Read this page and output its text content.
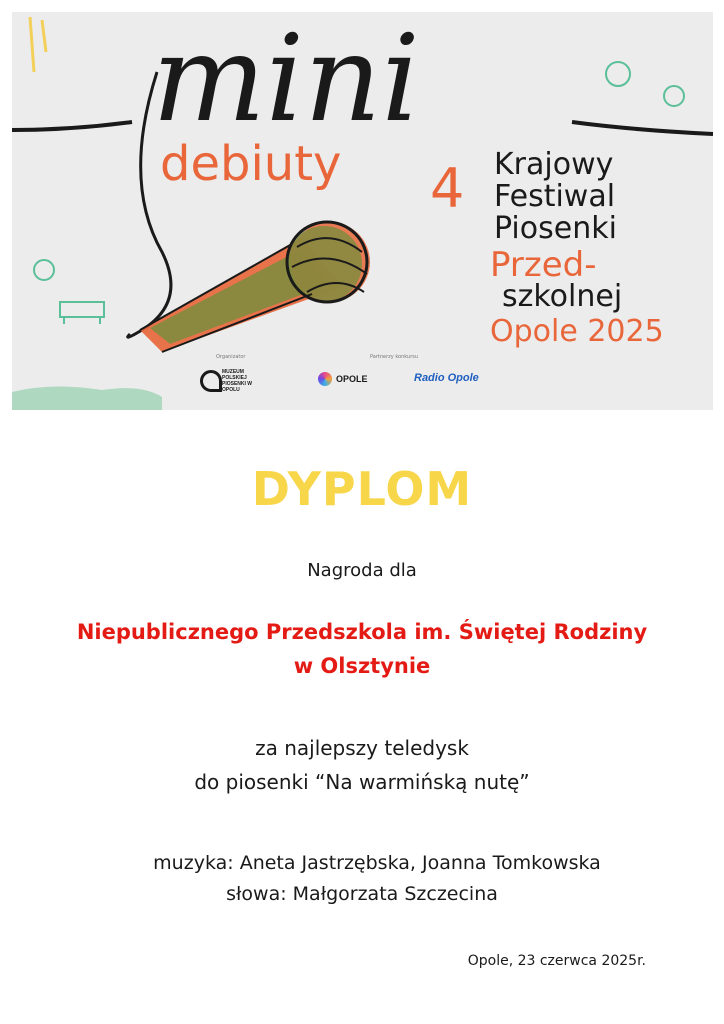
mini
debiuty 4 Krajowy
Festiwal
Piosenki
Przed-
szkolnej
Opole 2025
Organizator
MUZEUM POLSKIEJ PIOSENKI W OPOLU
Partnerzy konkursu
OPOLE	Radio Opole
DYPLOM
Nagroda dla
Niepublicznego Przedszkola im. Świętej Rodziny
w Olsztynie
za najlepszy teledysk
do piosenki “Na warmińską nutę”
muzyka: Aneta Jastrzębska, Joanna Tomkowska
słowa: Małgorzata Szczecina
Opole, 23 czerwca 2025r.
